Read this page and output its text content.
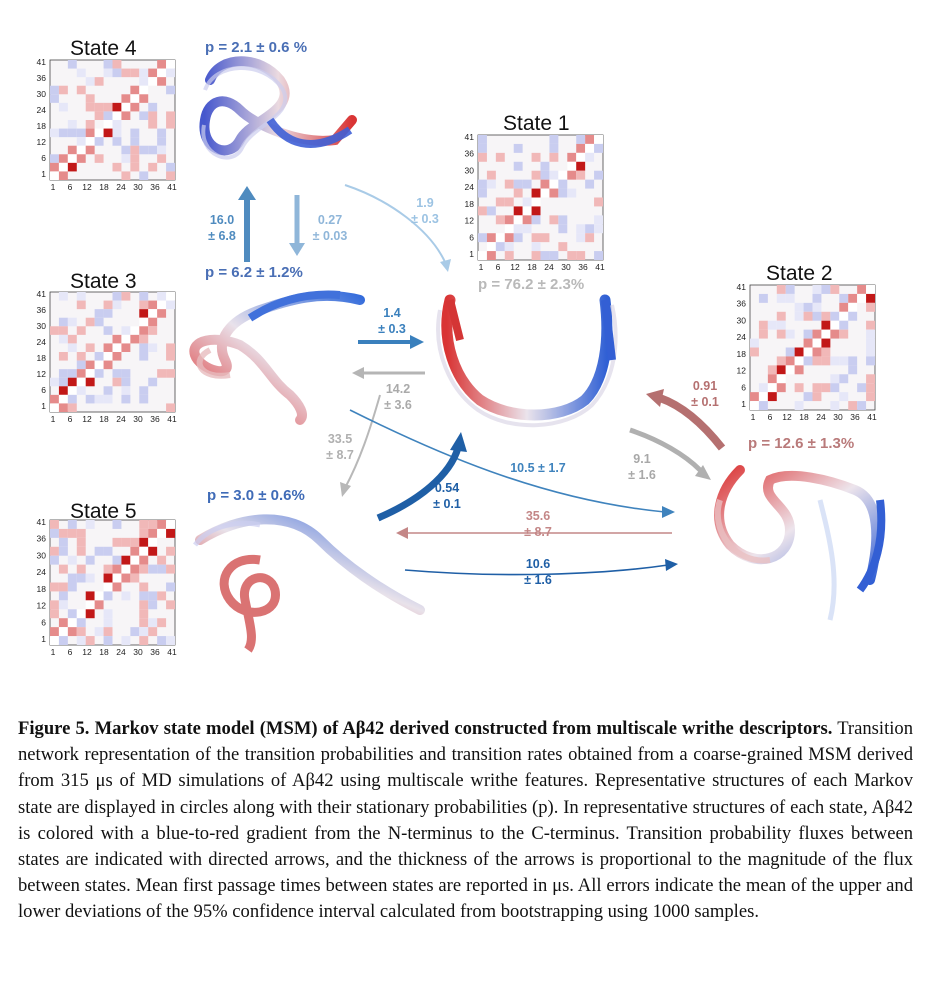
1 6 12 18 24 30 36 41
41
36
30
24
18
12
6
1
1 6 12 18 24 30 36 41
41
36
30
24
18
12
6
1
1 6 12 18 24 30 36 41
41
36
30
24
18
12
6
1
1 6 12 18 24 30 36 41
41
36
30
24
18
12
6
1
1 6 12 18 24 30 36 41
41
36
30
24
18
12
6
1
State 4	p = 2.1 ± 0.6 %
State 3	p = 6.2 ± 1.2%
State 1
p = 76.2 ± 2.3%	State 2
p = 12.6 ± 1.3%
State 5
p = 3.0 ± 0.6%
16.0
± 6.8
0.27
± 0.03
1.9
± 0.3
1.4
± 0.3
14.2
± 3.6
33.5
± 8.7
10.5 ± 1.7
0.54
± 0.1
9.1
± 1.6
0.91
± 0.1
35.6
± 8.7
10.6
± 1.6
Figure 5. Markov state model (MSM) of Aβ42 derived constructed from multiscale writhe descriptors. Transition network representation of the transition probabilities and transition rates obtained from a coarse-grained MSM derived from 315 μs of MD simulations of Aβ42 using multiscale writhe features. Representative structures of each Markov state are displayed in circles along with their stationary probabilities (p). In representative structures of each state, Aβ42 is colored with a blue-to-red gradient from the N-terminus to the C-terminus. Transition probability fluxes between states are indicated with directed arrows, and the thickness of the arrows is proportional to the magnitude of the flux between states. Mean first passage times between states are reported in μs. All errors indicate the mean of the upper and lower deviations of the 95% confidence interval calculated from bootstrapping using 1000 samples.
